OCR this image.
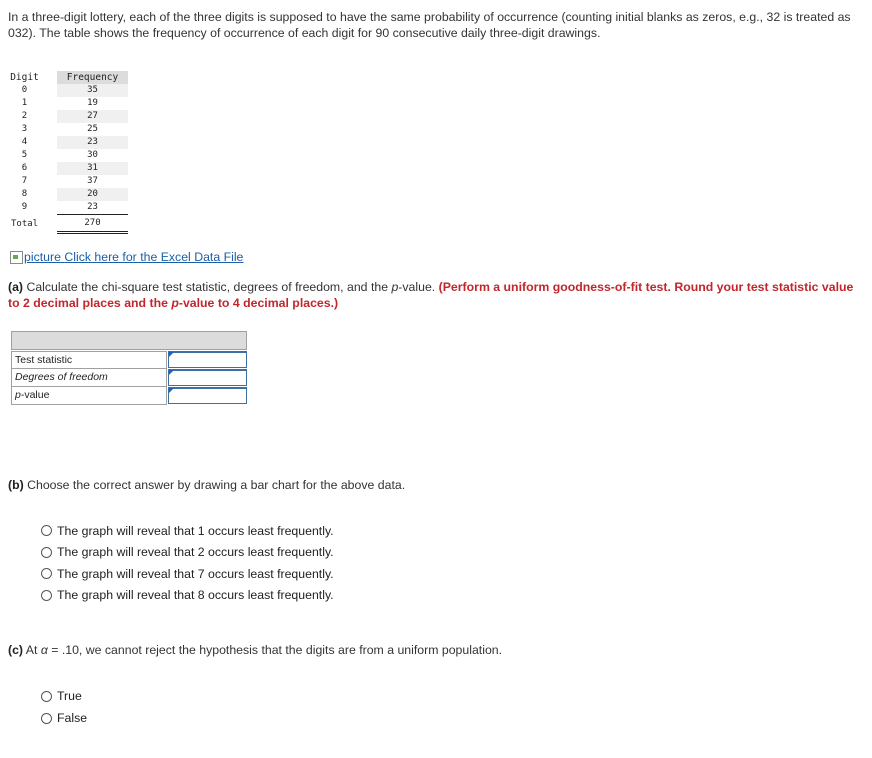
In a three-digit lottery, each of the three digits is supposed to have the same probability of occurrence (counting initial blanks as zeros, e.g., 32 is treated as 032). The table shows the frequency of occurrence of each digit for 90 consecutive daily three-digit drawings.
Digit		Frequency
0		35
1		19
2		27
3		25
4		23
5		30
6		31
7		37
8		20
9		23
Total		270
picture
Click here for the Excel Data File
(a) Calculate the chi-square test statistic, degrees of freedom, and the p-value. (Perform a uniform goodness-of-fit test. Round your test statistic value to 2 decimal places and the p-value to 4 decimal places.)
Test statistic
Degrees of freedom
p-value
(b) Choose the correct answer by drawing a bar chart for the above data.
The graph will reveal that 1 occurs least frequently.
The graph will reveal that 2 occurs least frequently.
The graph will reveal that 7 occurs least frequently.
The graph will reveal that 8 occurs least frequently.
(c) At α = .10, we cannot reject the hypothesis that the digits are from a uniform population.
True
False
